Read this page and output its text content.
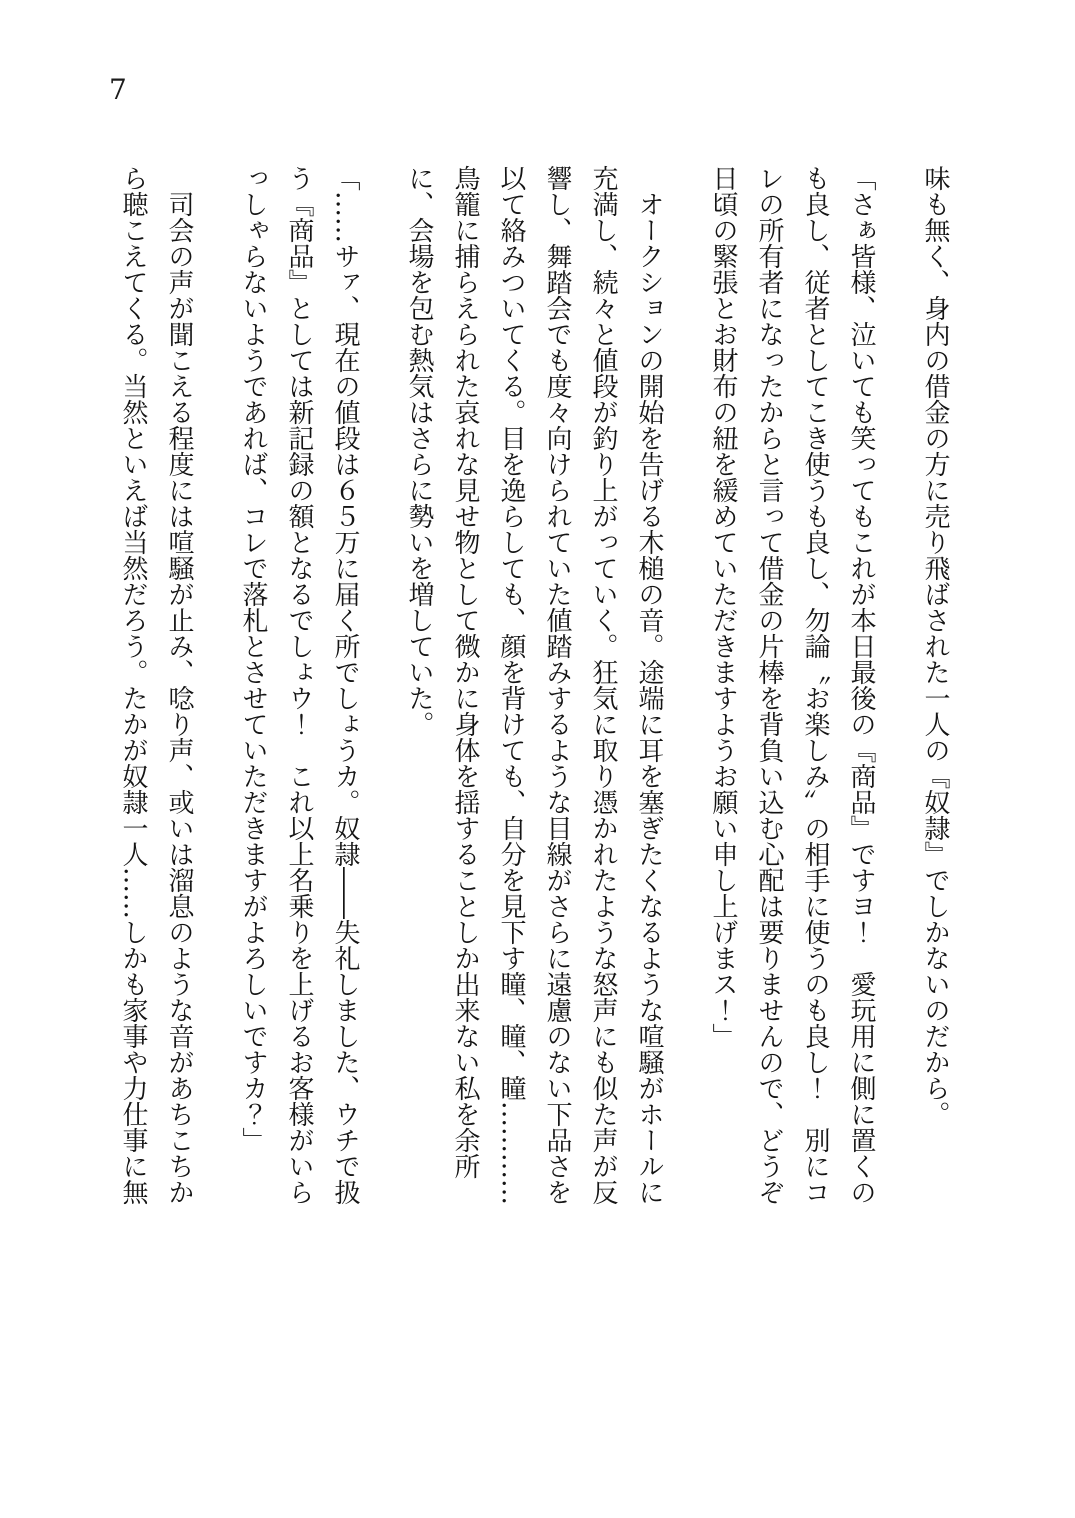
7

味も無く、身内の借金の方に売り飛ばされた一人の『奴隷』でしかないのだから。

「さぁ皆様、泣いても笑ってもこれが本日最後の『商品』ですヨ！　愛玩用に側に置くのも良し、従者としてこき使うも良し、勿論〝お楽しみ〟の相手に使うのも良し！　別にコレの所有者になったからと言って借金の片棒を背負い込む心配は要りませんので、どうぞ日頃の緊張とお財布の紐を緩めていただきますようお願い申し上げまス！」

　オークションの開始を告げる木槌の音。途端に耳を塞ぎたくなるような喧騒がホールに充満し、続々と値段が釣り上がっていく。狂気に取り憑かれたような怒声にも似た声が反響し、舞踏会でも度々向けられていた値踏みするような目線がさらに遠慮のない下品さを以て絡みついてくる。目を逸らしても、顔を背けても、自分を見下す瞳、瞳、瞳…………鳥籠に捕らえられた哀れな見せ物として微かに身体を揺することしか出来ない私を余所に、会場を包む熱気はさらに勢いを増していた。

「……サァ、現在の値段は６５万に届く所でしょうカ。奴隷――失礼しました、ウチで扱う『商品』としては新記録の額となるでしょウ！　これ以上名乗りを上げるお客様がいらっしゃらないようであれば、コレで落札とさせていただきますがよろしいですカ？」

　司会の声が聞こえる程度には喧騒が止み、唸り声、或いは溜息のような音があちこちから聴こえてくる。当然といえば当然だろう。たかが奴隷一人……しかも家事や力仕事に無
